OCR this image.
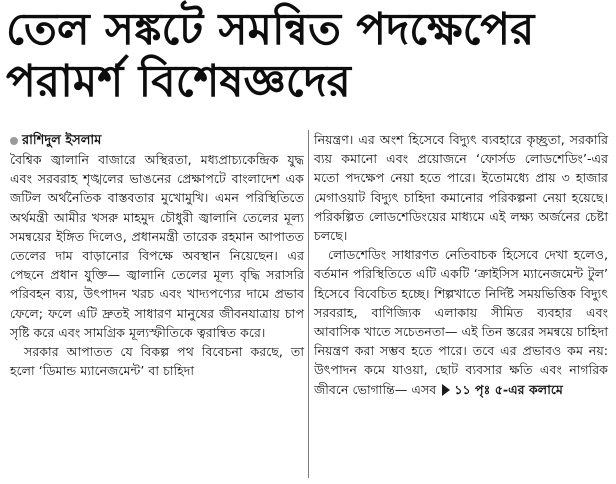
তেল সঙ্কটে সমন্বিত পদক্ষেপের
পরামর্শ বিশেষজ্ঞদের
রাশিদুল ইসলাম

বৈশ্বিক জ্বালানি বাজারে অস্থিরতা, মধ্যপ্রাচ্যকেন্দ্রিক যুদ্ধ এবং সরবরাহ শৃঙ্খলের ভাঙনের প্রেক্ষাপটে বাংলাদেশ এক জটিল অর্থনৈতিক বাস্তবতার মুখোমুখি। এমন পরিস্থিতিতে অর্থমন্ত্রী আমীর খসরু মাহমুদ চৌধুরী জ্বালানি তেলের মূল্য সমন্বয়ের ইঙ্গিত দিলেও, প্রধানমন্ত্রী তারেক রহমান আপাতত তেলের দাম বাড়ানোর বিপক্ষে অবস্থান নিয়েছেন। এর পেছনে প্রধান যুক্তি— জ্বালানি তেলের মূল্য বৃদ্ধি সরাসরি পরিবহন ব্যয়, উৎপাদন খরচ এবং খাদ্যপণ্যের দামে প্রভাব ফেলে; ফলে এটি দ্রুতই সাধারণ মানুষের জীবনযাত্রায় চাপ সৃষ্টি করে এবং সামগ্রিক মূল্যস্ফীতিকে ত্বরান্বিত করে।

সরকার আপাতত যে বিকল্প পথ বিবেচনা করছে, তা হলো ‘ডিমান্ড ম্যানেজমেন্ট’ বা চাহিদা

নিয়ন্ত্রণ। এর অংশ হিসেবে বিদ্যুৎ ব্যবহারে কৃচ্ছ্রতা, সরকারি ব্যয় কমানো এবং প্রয়োজনে ‘ফোর্সড লোডশেডিং’-এর মতো পদক্ষেপ নেয়া হতে পারে। ইতোমধ্যে প্রায় ৩ হাজার মেগাওয়াট বিদ্যুৎ চাহিদা কমানোর পরিকল্পনা নেয়া হয়েছে। পরিকল্পিত লোডশেডিংয়ের মাধ্যমে এই লক্ষ্য অর্জনের চেষ্টা চলছে।

লোডশেডিং সাধারণত নেতিবাচক হিসেবে দেখা হলেও, বর্তমান পরিস্থিতিতে এটি একটি ‘ক্রাইসিস ম্যানেজমেন্ট টুল’ হিসেবে বিবেচিত হচ্ছে। শিল্পখাতে নির্দিষ্ট সময়ভিত্তিক বিদ্যুৎ সরবরাহ, বাণিজ্যিক এলাকায় সীমিত ব্যবহার এবং আবাসিক খাতে সচেতনতা— এই তিন স্তরের সমন্বয়ে চাহিদা নিয়ন্ত্রণ করা সম্ভব হতে পারে। তবে এর প্রভাবও কম নয়: উৎপাদন কমে যাওয়া, ছোট ব্যবসার ক্ষতি এবং নাগরিক জীবনে ভোগান্তি— এসব ১১ পৃঃ ৫-এর কলামে
